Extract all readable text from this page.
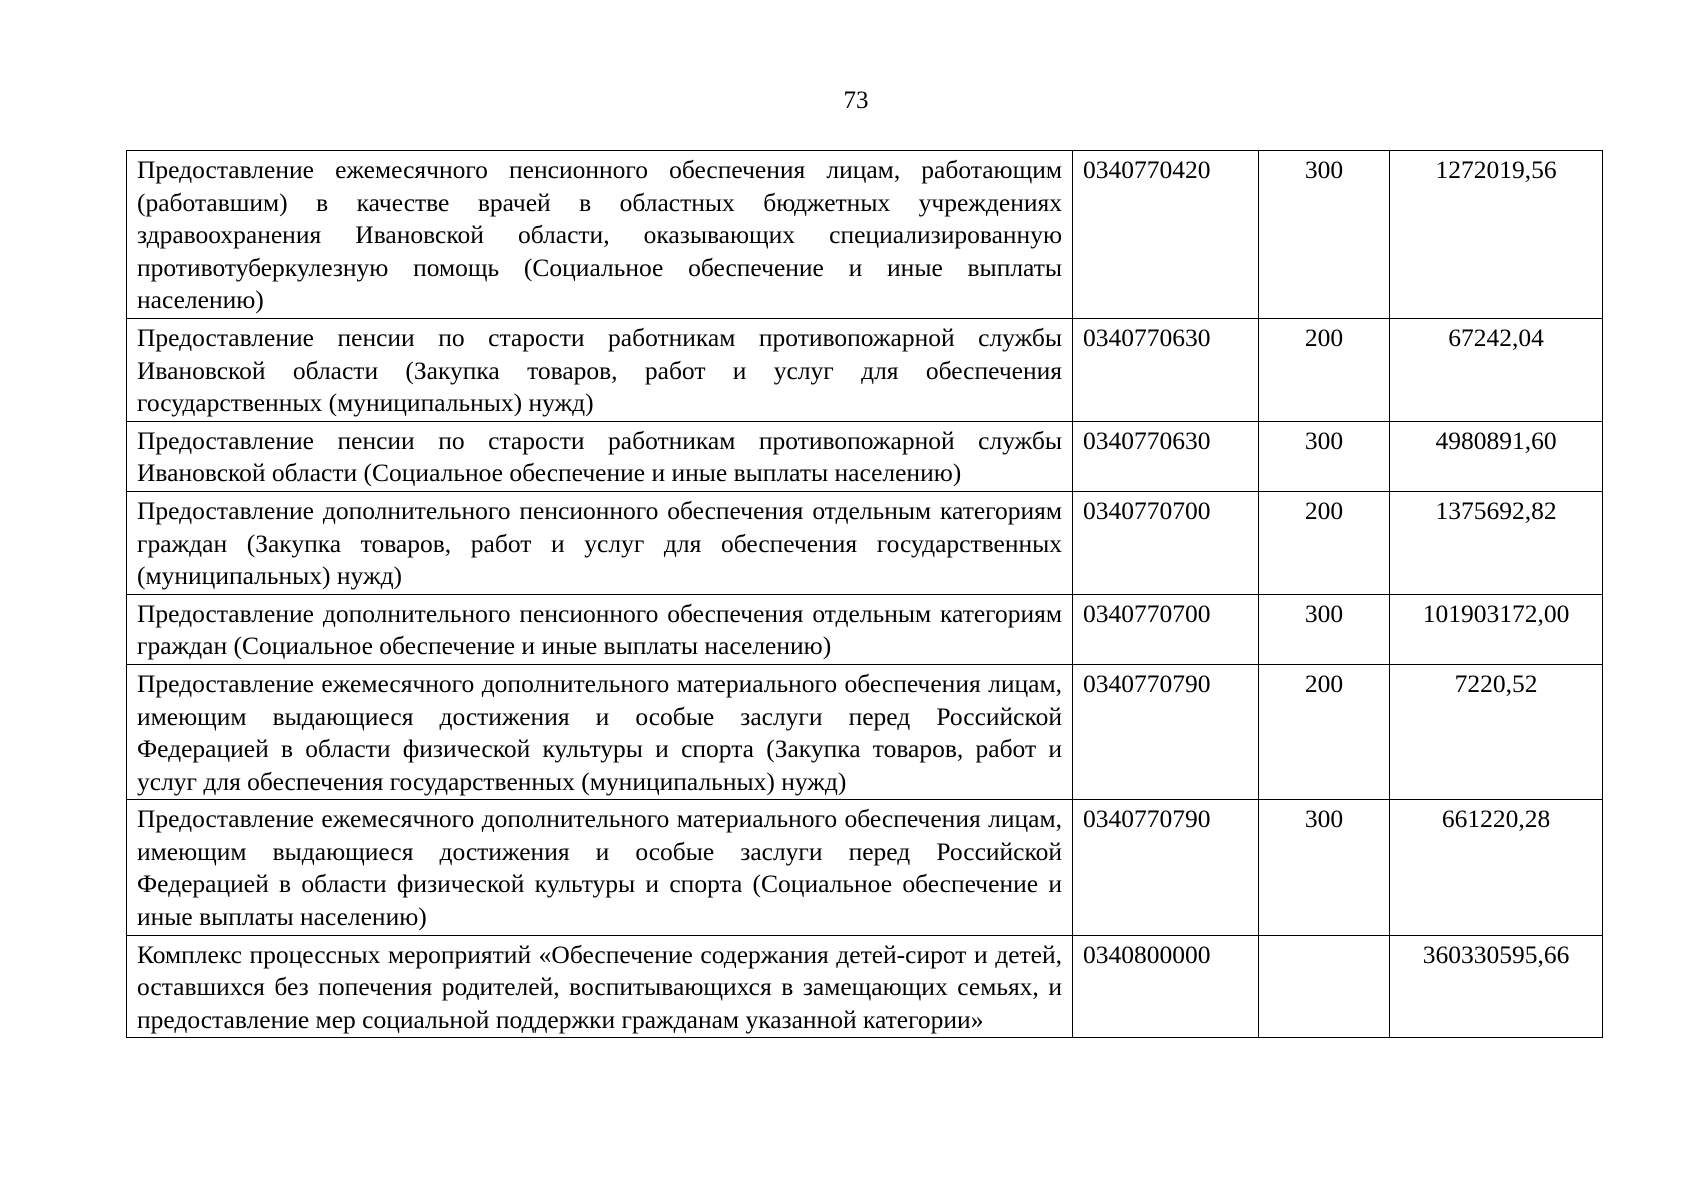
73
Предоставление ежемесячного пенсионного обеспечения лицам, работающим (работавшим) в качестве врачей в областных бюджетных учреждениях здравоохранения Ивановской области, оказывающих специализированную противотуберкулезную помощь (Социальное обеспечение и иные выплаты населению)	0340770420	300	1272019,56
Предоставление пенсии по старости работникам противопожарной службы Ивановской области (Закупка товаров, работ и услуг для обеспечения государственных (муниципальных) нужд)	0340770630	200	67242,04
Предоставление пенсии по старости работникам противопожарной службы Ивановской области (Социальное обеспечение и иные выплаты населению)	0340770630	300	4980891,60
Предоставление дополнительного пенсионного обеспечения отдельным категориям граждан (Закупка товаров, работ и услуг для обеспечения государственных (муниципальных) нужд)	0340770700	200	1375692,82
Предоставление дополнительного пенсионного обеспечения отдельным категориям граждан (Социальное обеспечение и иные выплаты населению)	0340770700	300	101903172,00
Предоставление ежемесячного дополнительного материального обеспечения лицам, имеющим выдающиеся достижения и особые заслуги перед Российской Федерацией в области физической культуры и спорта (Закупка товаров, работ и услуг для обеспечения государственных (муниципальных) нужд)	0340770790	200	7220,52
Предоставление ежемесячного дополнительного материального обеспечения лицам, имеющим выдающиеся достижения и особые заслуги перед Российской Федерацией в области физической культуры и спорта (Социальное обеспечение и иные выплаты населению)	0340770790	300	661220,28
Комплекс процессных мероприятий «Обеспечение содержания детей-сирот и детей, оставшихся без попечения родителей, воспитывающихся в замещающих семьях, и предоставление мер социальной поддержки гражданам указанной категории»	0340800000		360330595,66
